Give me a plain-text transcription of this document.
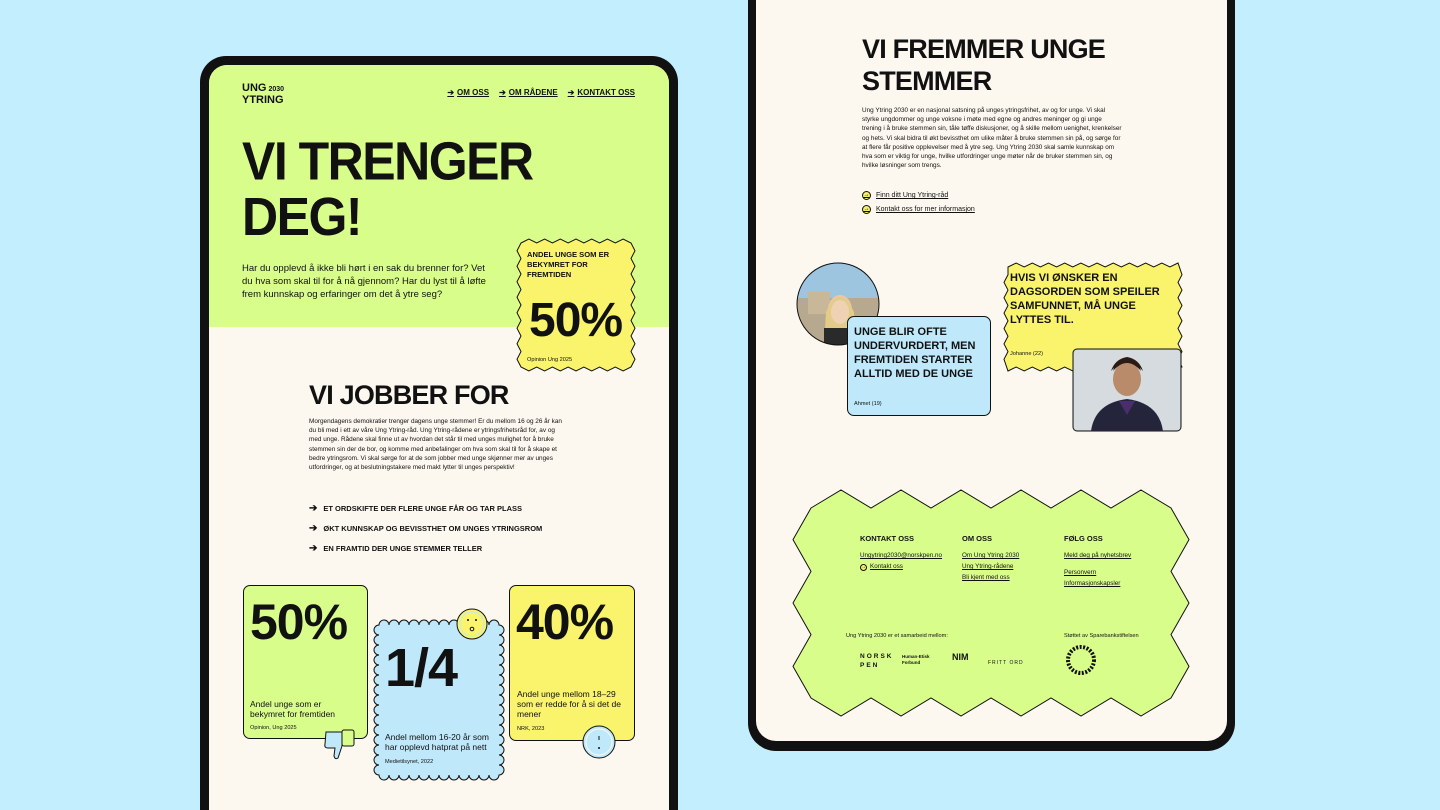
UNG 2030
YTRING
➔ OM OSS ➔ OM RÅDENE ➔ KONTAKT OSS
VI TRENGER
DEG!
Har du opplevd å ikke bli hørt i en sak du brenner for? Vet du hva som skal til for å nå gjennom? Har du lyst til å løfte frem kunnskap og erfaringer om det å ytre seg?
ANDEL UNGE SOM ER BEKYMRET FOR FREMTIDEN
50%
Opinion Ung 2025
VI JOBBER FOR
Morgendagens demokratier trenger dagens unge stemmer! Er du mellom 16 og 26 år kan du bli med i ett av våre Ung Ytring-råd. Ung Ytring-rådene er ytringsfrihetsråd for, av og med unge. Rådene skal finne ut av hvordan det står til med unges mulighet for å bruke stemmen sin der de bor, og komme med anbefalinger om hva som skal til for å skape et bedre ytringsrom. Vi skal sørge for at de som jobber med unge skjønner mer av unges utfordringer, og at beslutningstakere med makt lytter til unges perspektiv!
➔ ET ORDSKIFTE DER FLERE UNGE FÅR OG TAR PLASS
➔ ØKT KUNNSKAP OG BEVISSTHET OM UNGES YTRINGSROM
➔ EN FRAMTID DER UNGE STEMMER TELLER
50%
Andel unge som er bekymret for fremtiden
Opinion, Ung 2025
1/4
Andel mellom 16-20 år som har opplevd hatprat på nett
Medietilsynet, 2022
40%
Andel unge mellom 18–29 som er redde for å si det de mener
NRK, 2023
VI FREMMER UNGE
STEMMER
Ung Ytring 2030 er en nasjonal satsning på unges ytringsfrihet, av og for unge. Vi skal styrke ungdommer og unge voksne i møte med egne og andres meninger og gi unge trening i å bruke stemmen sin, tåle tøffe diskusjoner, og å skille mellom uenighet, krenkelser og hets. Vi skal bidra til økt bevissthet om ulike måter å bruke stemmen sin på, og sørge for at flere får positive opplevelser med å ytre seg. Ung Ytring 2030 skal samle kunnskap om hva som er viktig for unge, hvilke utfordringer unge møter når de bruker stemmen sin, og hvilke løsninger som trengs.
→ Finn ditt Ung Ytring-råd
→ Kontakt oss for mer informasjon
UNGE BLIR OFTE UNDERVURDERT, MEN FREMTIDEN STARTER ALLTID MED DE UNGE
Ahmet (19)
HVIS VI ØNSKER EN DAGSORDEN SOM SPEILER SAMFUNNET, MÅ UNGE LYTTES TIL.
Johanne (22)
KONTAKT OSS
Ungytring2030@norskpen.no
→ Kontakt oss
OM OSS
Om Ung Ytring 2030
Ung Ytring-rådene
Bli kjent med oss
FØLG OSS
Meld deg på nyhetsbrev
Personvern
Informasjonskapsler
Ung Ytring 2030 er et samarbeid mellom:	Støttet av Sparebankstiftelsen
NORSK PEN
Human-Etisk Forbund
NIM
FRITT ORD
